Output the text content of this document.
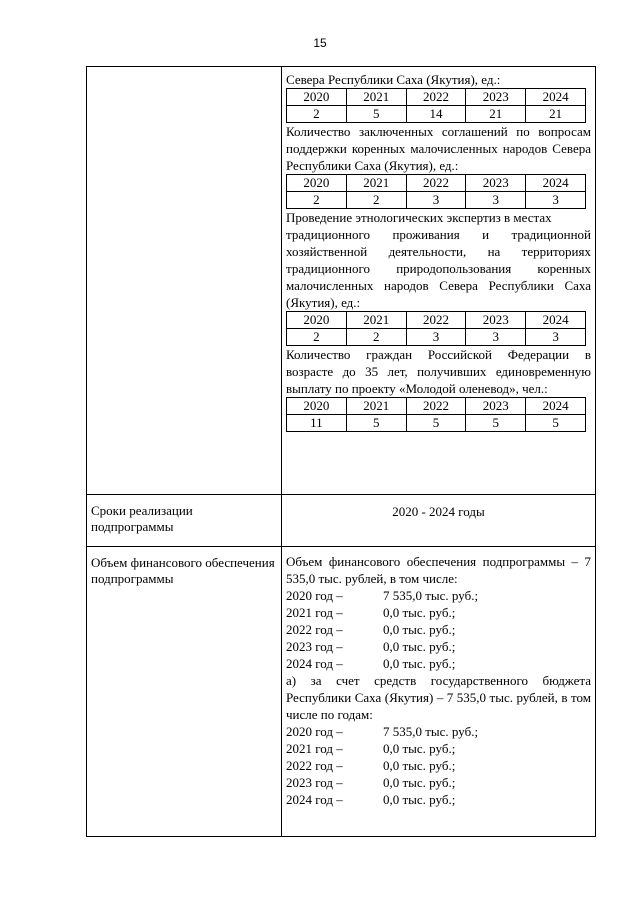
15

Севера Республики Саха (Якутия), ед.:

2020	2021	2022	2023	2024
2	5	14	21	21

Количество заключенных соглашений по вопросам поддержки коренных малочисленных народов Севера Республики Саха (Якутия), ед.:

2020	2021	2022	2023	2024
2	2	3	3	3

Проведение этнологических экспертиз в местах

традиционного проживания и традиционной хозяйственной деятельности, на территориях традиционного природопользования коренных малочисленных народов Севера Республики Саха (Якутия), ед.:

2020	2021	2022	2023	2024
2	2	3	3	3

Количество граждан Российской Федерации в возрасте до 35 лет, получивших единовременную выплату по проекту «Молодой оленевод», чел.:

2020	2021	2022	2023	2024
11	5	5	5	5

Сроки реализации подпрограммы

2020 - 2024 годы

Объем финансового обеспечения подпрограммы

Объем финансового обеспечения подпрограммы – 7 535,0 тыс. рублей, в том числе:

2020 год –	7 535,0 тыс. руб.;

2021 год –	0,0 тыс. руб.;

2022 год –	0,0 тыс. руб.;

2023 год –	0,0 тыс. руб.;

2024 год –	0,0 тыс. руб.;

а) за счет средств государственного бюджета Республики Саха (Якутия) – 7 535,0 тыс. рублей, в том числе по годам:

2020 год –	7 535,0 тыс. руб.;

2021 год –	0,0 тыс. руб.;

2022 год –	0,0 тыс. руб.;

2023 год –	0,0 тыс. руб.;

2024 год –	0,0 тыс. руб.;
